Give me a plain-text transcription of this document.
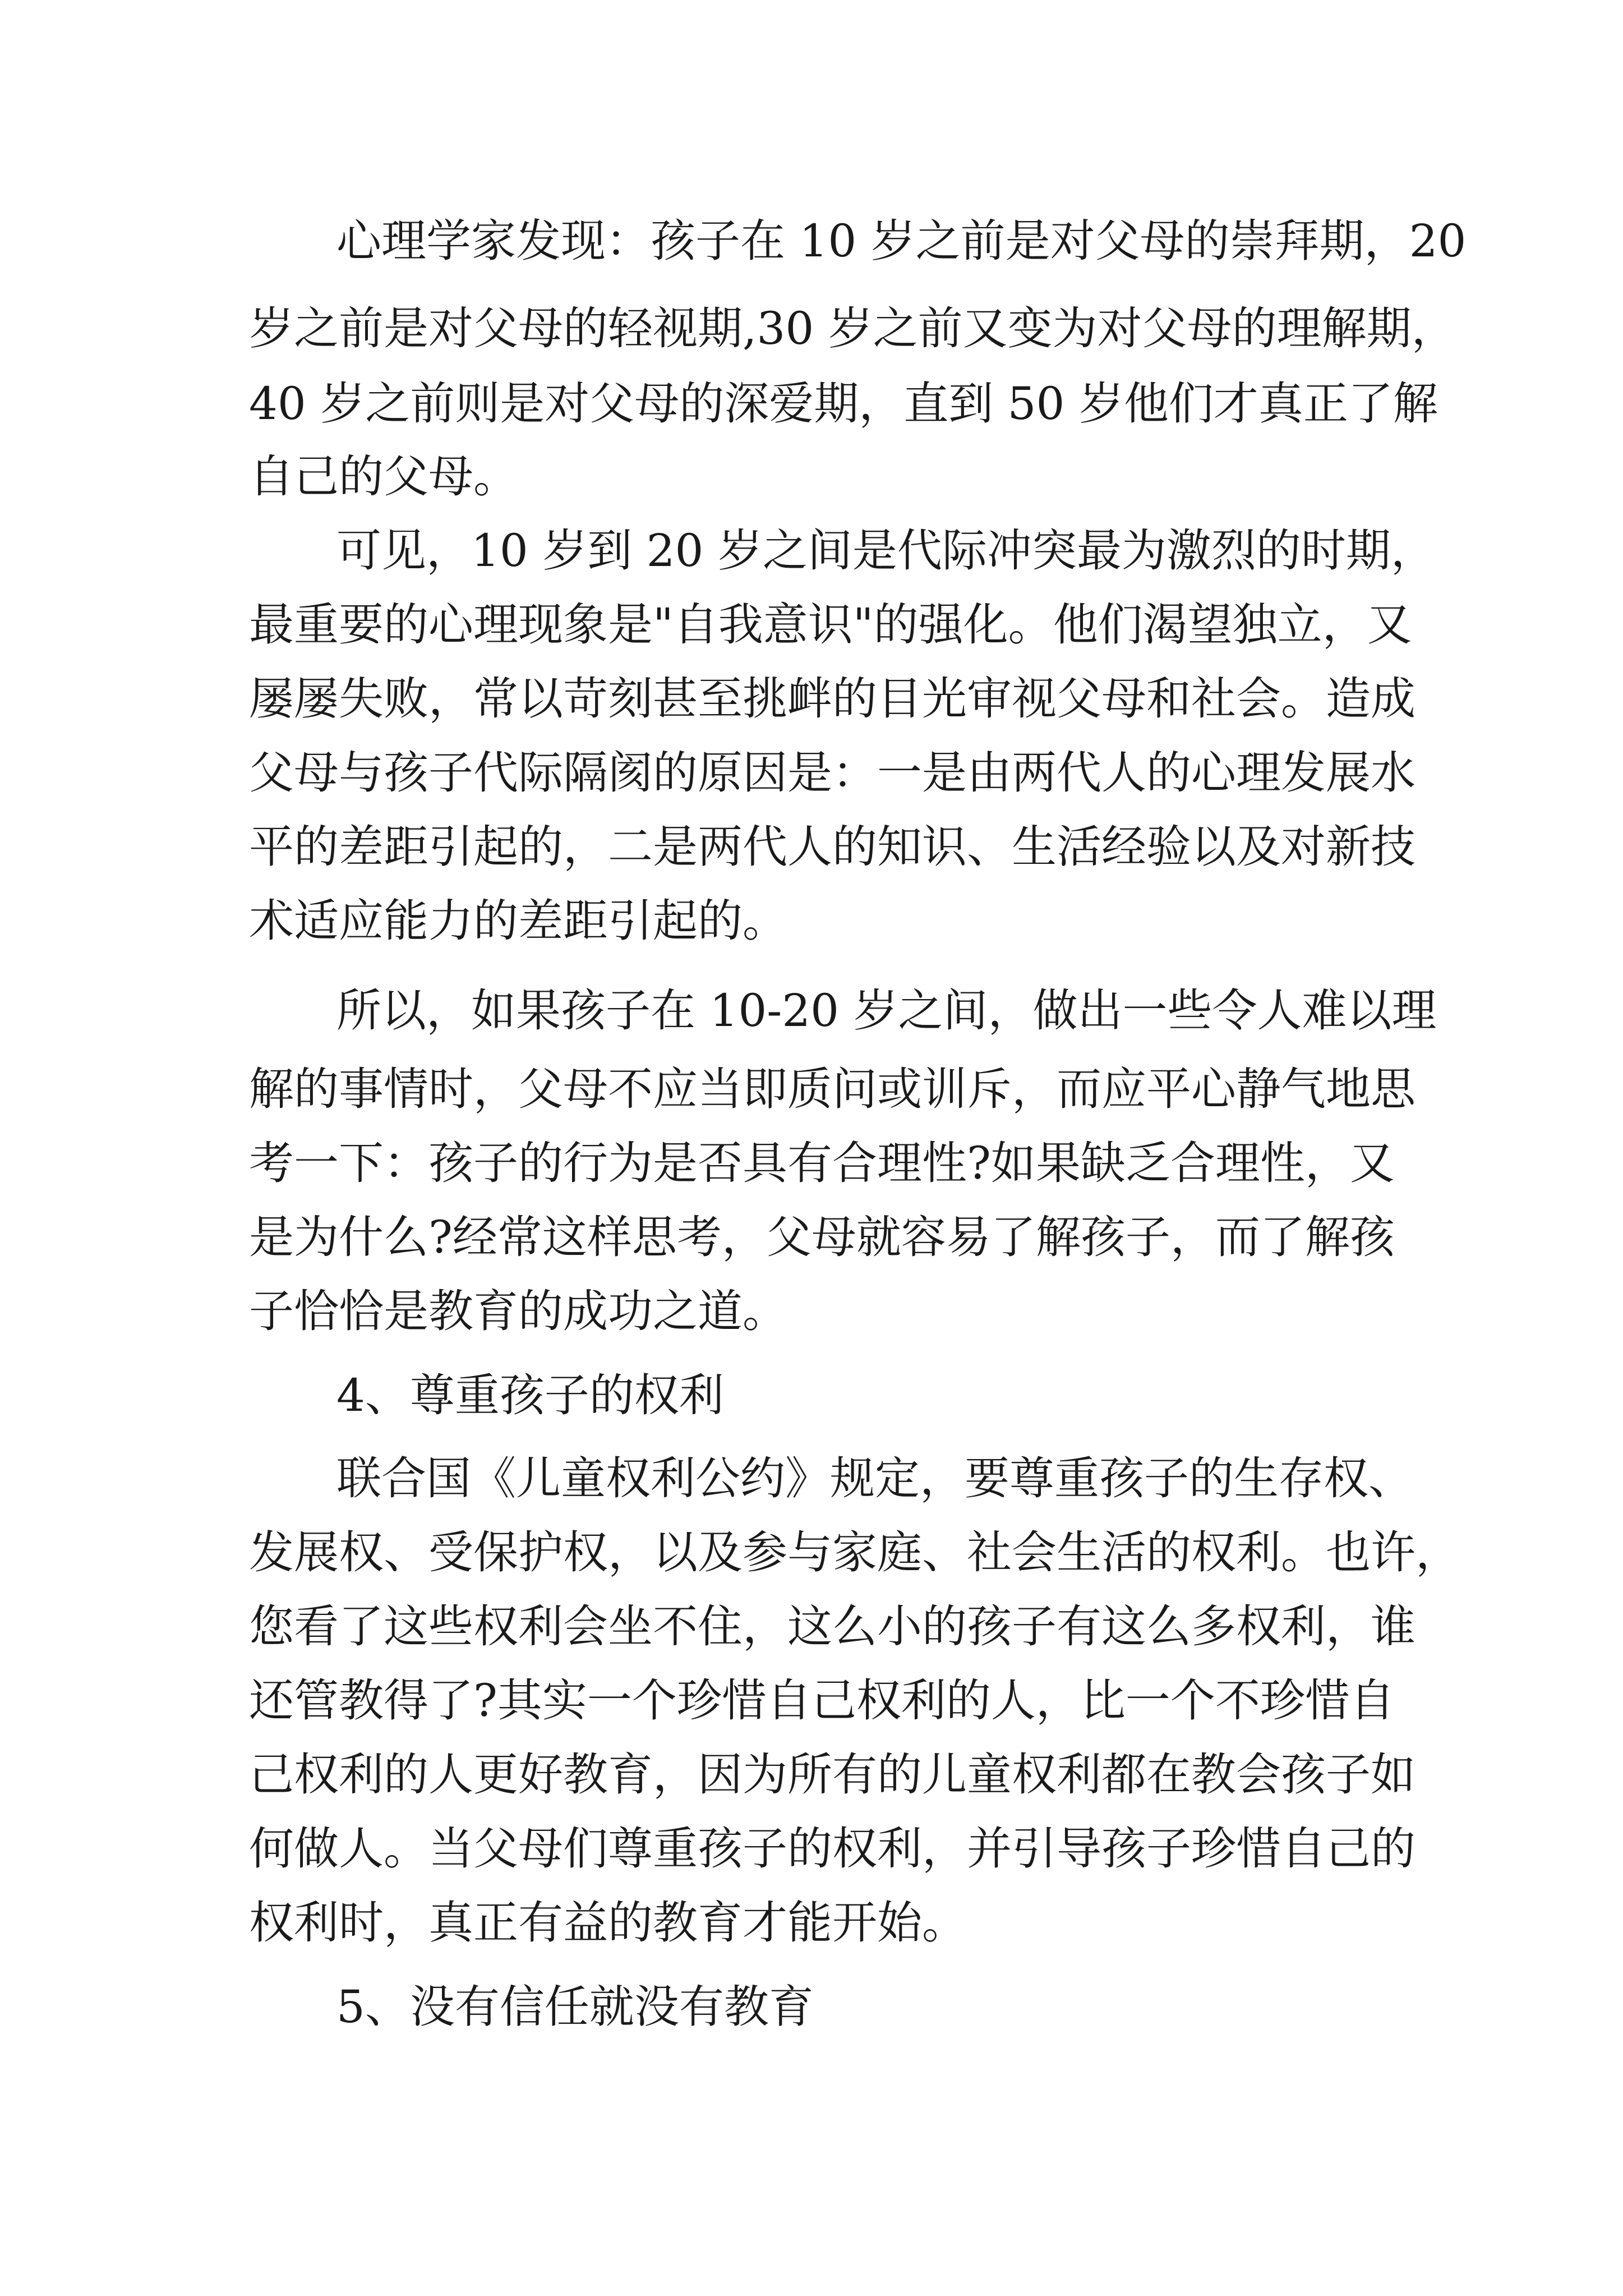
心理学家发现：孩子在 10 岁之前是对父母的崇拜期，20
岁之前是对父母的轻视期,30 岁之前又变为对父母的理解期，
40 岁之前则是对父母的深爱期，直到 50 岁他们才真正了解
自己的父母。
可见，10 岁到 20 岁之间是代际冲突最为激烈的时期，
最重要的心理现象是"自我意识"的强化。他们渴望独立，又
屡屡失败，常以苛刻甚至挑衅的目光审视父母和社会。造成
父母与孩子代际隔阂的原因是：一是由两代人的心理发展水
平的差距引起的，二是两代人的知识、生活经验以及对新技
术适应能力的差距引起的。
所以，如果孩子在 10-20 岁之间，做出一些令人难以理
解的事情时，父母不应当即质问或训斥，而应平心静气地思
考一下：孩子的行为是否具有合理性?如果缺乏合理性，又
是为什么?经常这样思考，父母就容易了解孩子，而了解孩
子恰恰是教育的成功之道。
4、尊重孩子的权利
联合国《儿童权利公约》规定，要尊重孩子的生存权、
发展权、受保护权，以及参与家庭、社会生活的权利。也许，
您看了这些权利会坐不住，这么小的孩子有这么多权利，谁
还管教得了?其实一个珍惜自己权利的人，比一个不珍惜自
己权利的人更好教育，因为所有的儿童权利都在教会孩子如
何做人。当父母们尊重孩子的权利，并引导孩子珍惜自己的
权利时，真正有益的教育才能开始。
5、没有信任就没有教育
